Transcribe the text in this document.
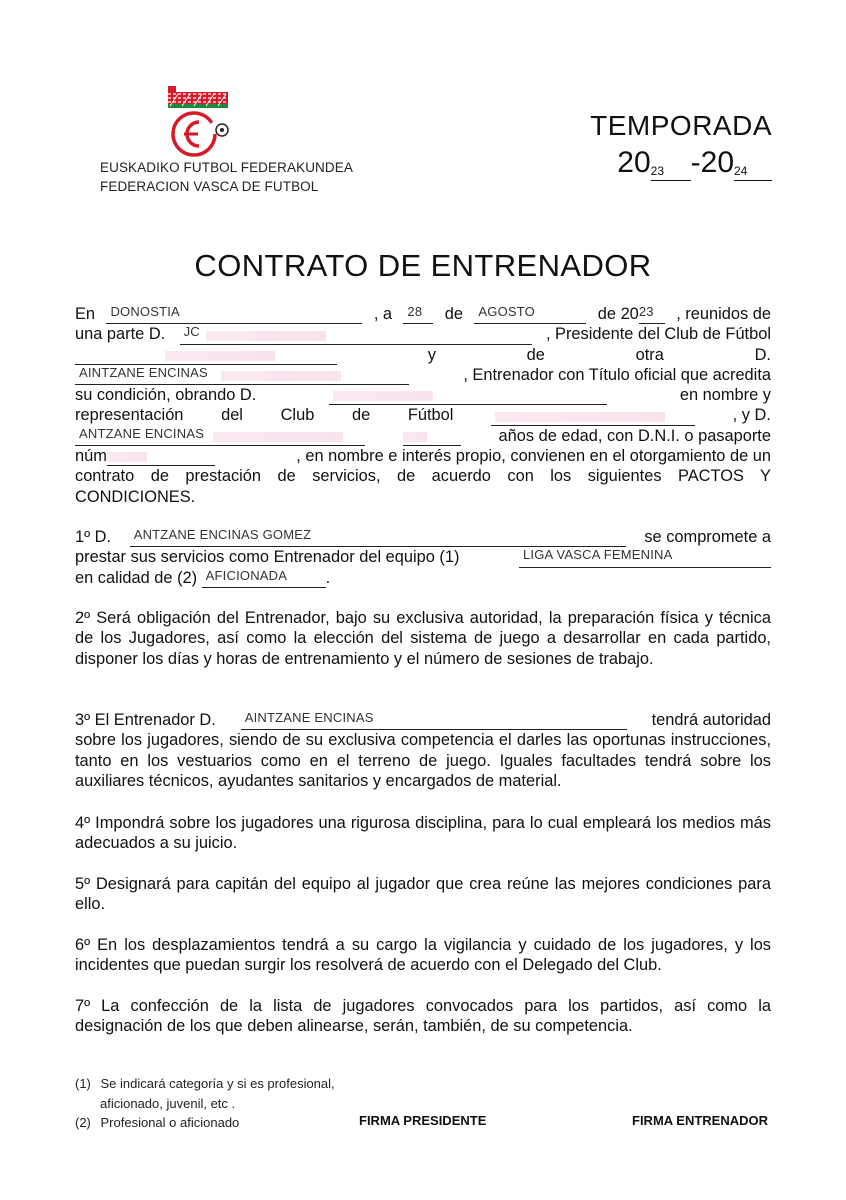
EUSKADIKO FUTBOL FEDERAKUNDEA
FEDERACION VASCA DE FUTBOL
TEMPORADA
$20_{23}$ $-20_{24}$
CONTRATO DE ENTRENADOR
En DONOSTIA	, a 28 de AGOSTO	de 20 23 , reunidos de
una parte D. JC	, Presidente del Club de Fútbol
y	de	otra	D.
AINTZANE ENCINAS	, Entrenador con Título oficial que acredita
su condición, obrando D.	en nombre y
representación del Club de Fútbol	, y D.
ANTZANE ENCINAS	años de edad, con D.N.I. o pasaporte
núm	, en nombre e interés propio, convienen en el otorgamiento de un
contrato de prestación de servicios, de acuerdo con los siguientes PACTOS Y
CONDICIONES.
1º D. ANTZANE ENCINAS GOMEZ	se compromete a
prestar sus servicios como Entrenador del equipo (1)	LIGA VASCA FEMENINA
en calidad de (2) AFICIONADA .

2º Será obligación del Entrenador, bajo su exclusiva autoridad, la preparación física y técnica de los Jugadores, así como la elección del sistema de juego a desarrollar en cada partido, disponer los días y horas de entrenamiento y el número de sesiones de trabajo.

3º El Entrenador D. AINTZANE ENCINAS	tendrá autoridad

sobre los jugadores, siendo de su exclusiva competencia el darles las oportunas instrucciones, tanto en los vestuarios como en el terreno de juego. Iguales facultades tendrá sobre los auxiliares técnicos, ayudantes sanitarios y encargados de material.

4º Impondrá sobre los jugadores una rigurosa disciplina, para lo cual empleará los medios más adecuados a su juicio.

5º Designará para capitán del equipo al jugador que crea reúne las mejores condiciones para ello.

6º En los desplazamientos tendrá a su cargo la vigilancia y cuidado de los jugadores, y los incidentes que puedan surgir los resolverá de acuerdo con el Delegado del Club.

7º La confección de la lista de jugadores convocados para los partidos, así como la designación de los que deben alinearse, serán, también, de su competencia.

(1) Se indicará categoría y si es profesional,
aficionado, juvenil, etc .
(2) Profesional o aficionado	FIRMA PRESIDENTE	FIRMA ENTRENADOR
